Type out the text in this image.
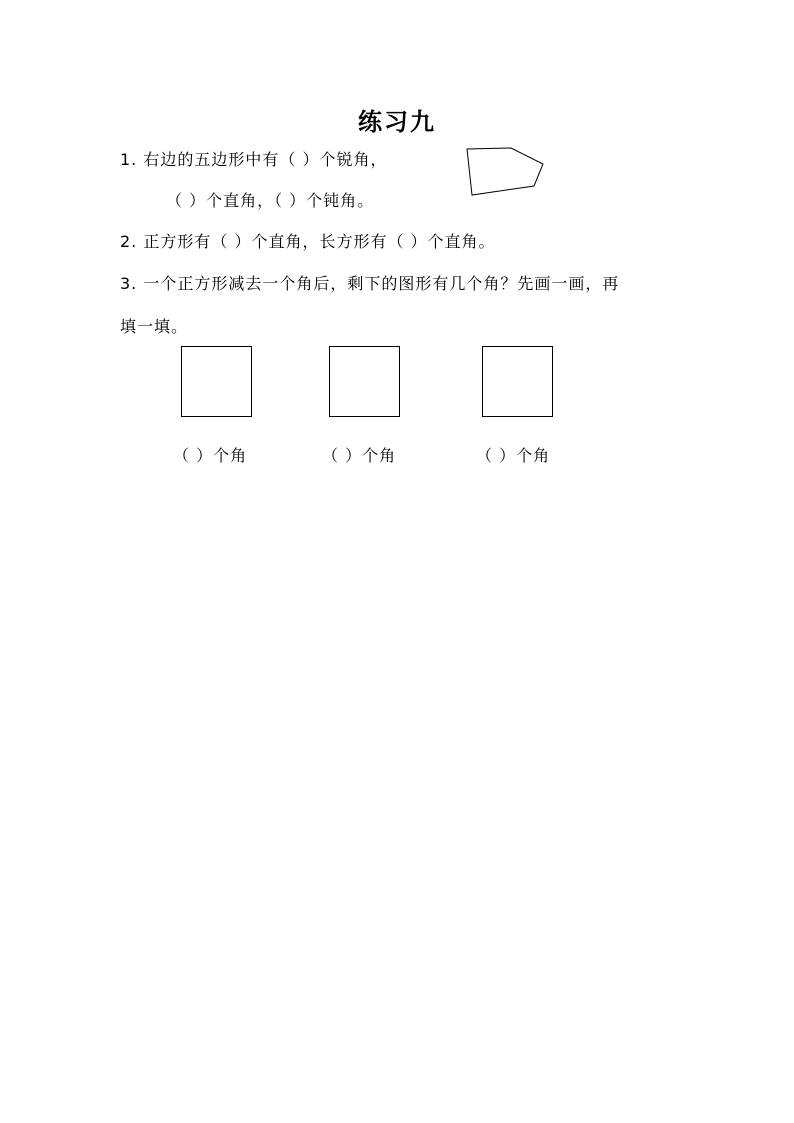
练习九
1. 右边的五边形中有（ ）个锐角，
（ ）个直角，（ ）个钝角。
2. 正方形有（ ）个直角，长方形有（ ）个直角。
3. 一个正方形减去一个角后，剩下的图形有几个角？先画一画，再
填一填。
（ ）个角	（ ）个角	（ ）个角
